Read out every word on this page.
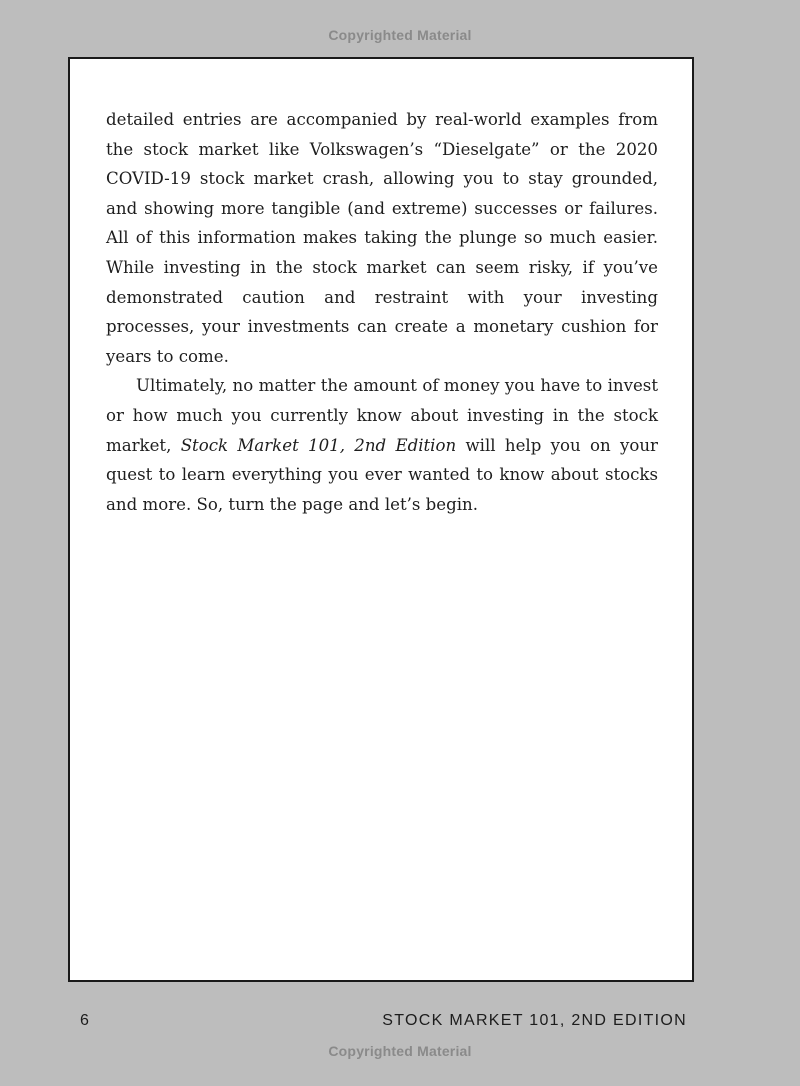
Copyrighted Material

detailed entries are accompanied by real-world examples from the stock market like Volkswagen’s “Dieselgate” or the 2020 COVID-19 stock market crash, allowing you to stay grounded, and showing more tangible (and extreme) successes or failures. All of this information makes taking the plunge so much easier. While investing in the stock market can seem risky, if you’ve demonstrated caution and restraint with your investing processes, your investments can create a monetary cushion for years to come.

Ultimately, no matter the amount of money you have to invest or how much you currently know about investing in the stock market, Stock Market 101, 2nd Edition will help you on your quest to learn everything you ever wanted to know about stocks and more. So, turn the page and let’s begin.

6	STOCK MARKET 101, 2ND EDITION
Copyrighted Material
